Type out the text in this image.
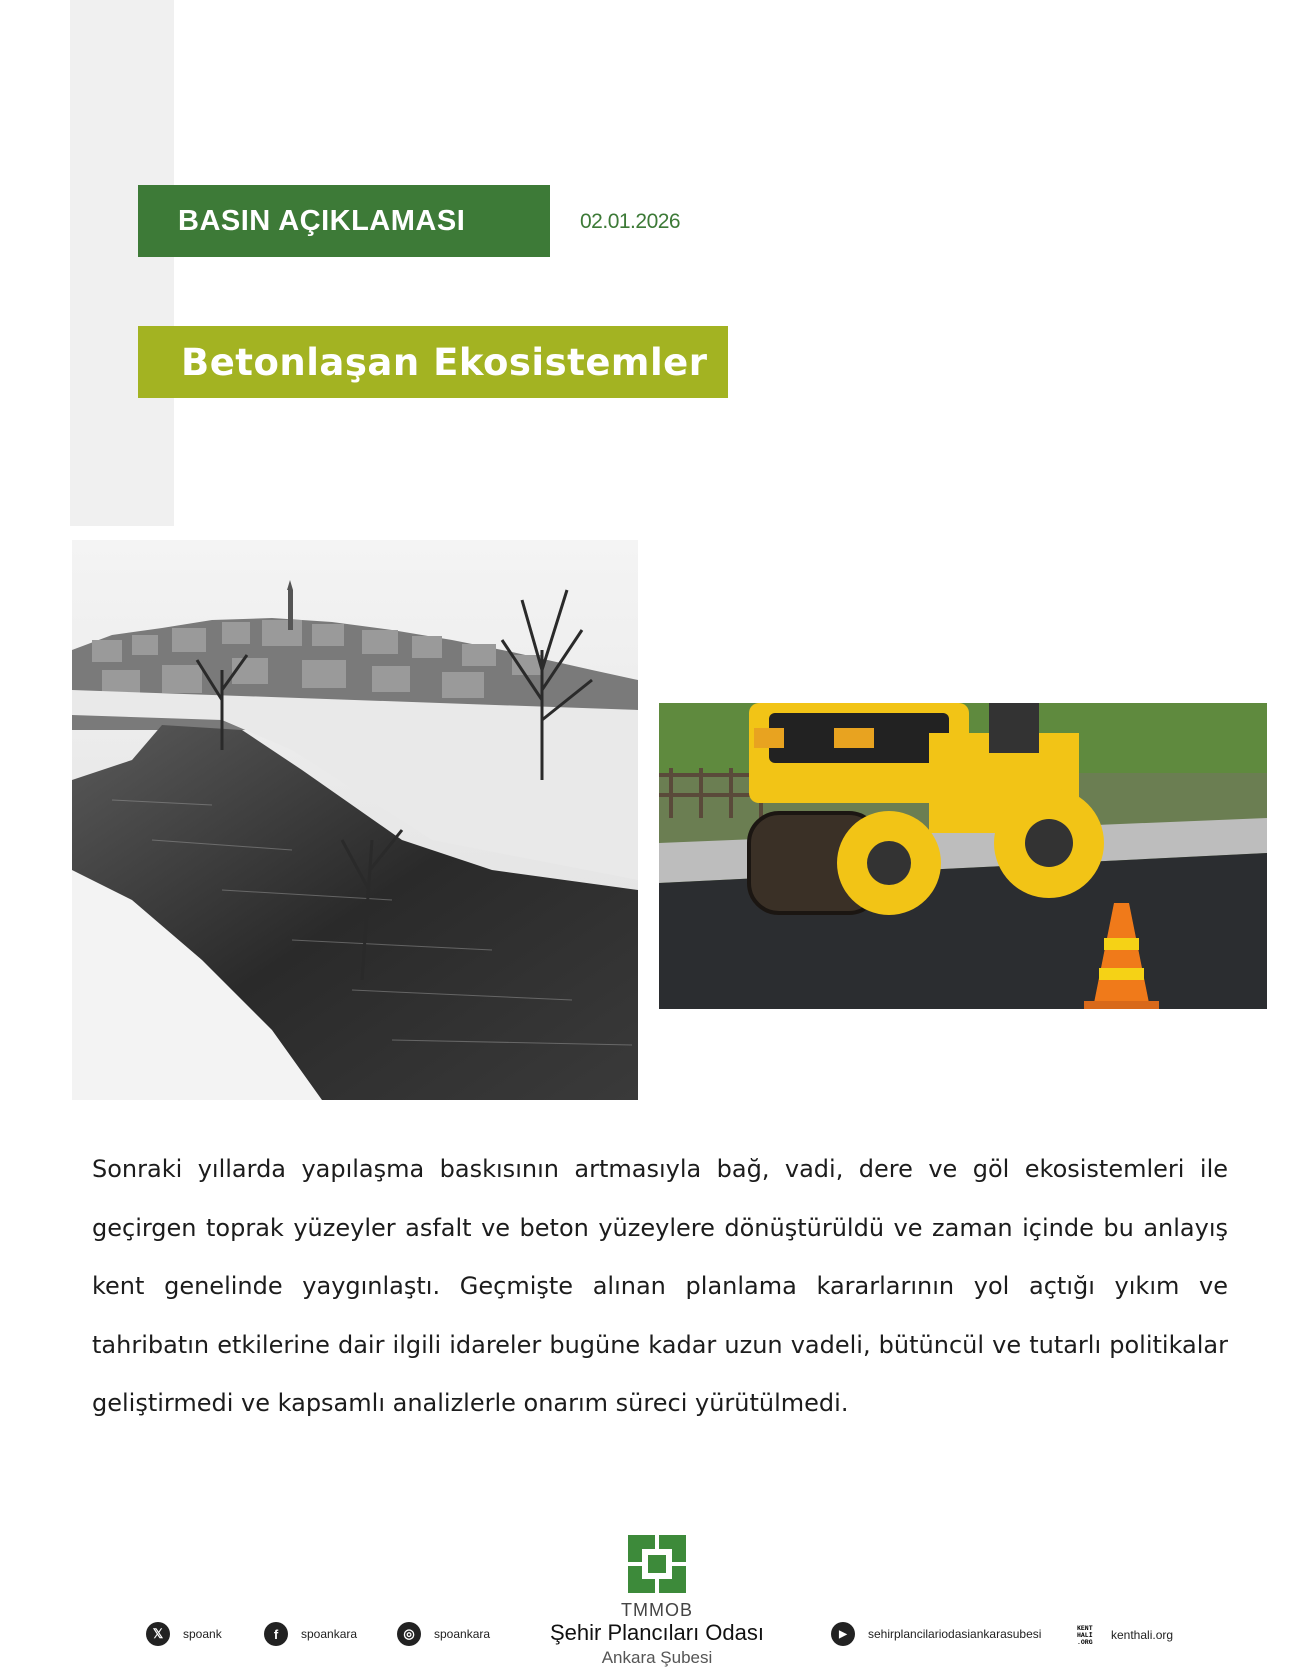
BASIN AÇIKLAMASI	02.01.2026
Betonlaşan Ekosistemler
Sonraki yıllarda yapılaşma baskısının artmasıyla bağ, vadi, dere ve göl ekosistemleri ile geçirgen toprak yüzeyler asfalt ve beton yüzeylere dönüştürüldü ve zaman içinde bu anlayış kent genelinde yaygınlaştı. Geçmişte alınan planlama kararlarının yol açtığı yıkım ve tahribatın etkilerine dair ilgili idareler bugüne kadar uzun vadeli, bütüncül ve tutarlı politikalar geliştirmedi ve kapsamlı analizlerle onarım süreci yürütülmedi.
TMMOB
Şehir Plancıları Odası
Ankara Şubesi
𝕏	spoank	f	spoankara	◎	spoankara	▶	sehirplancilariodasiankarasubesi	KENT HALİ .ORG	kenthali.org
